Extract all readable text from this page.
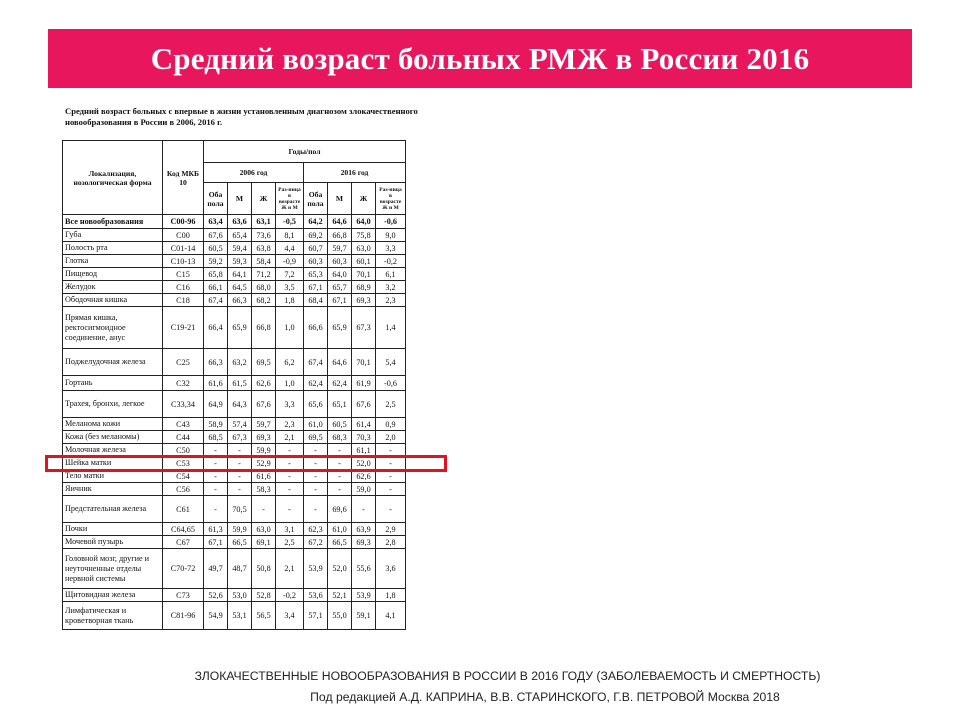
Средний возраст больных РМЖ в России 2016
Средний возраст больных с впервые в жизни установленным диагнозом злокачественного новообразования в России в 2006, 2016 г.
Локализация, нозологическая форма	Код МКБ 10	Годы/пол							
		2006 год				2016 год			
		Оба пола	М	Ж	Раз-ница в возрасте Ж и М	Оба пола	М	Ж	Раз-ница в возрасте Ж и М
Все новообразования	C00-96	63,4	63,6	63,1	-0,5	64,2	64,6	64,0	-0,6
Губа	C00	67,6	65,4	73,6	8,1	69,2	66,8	75,8	9,0
Полость рта	C01-14	60,5	59,4	63,8	4,4	60,7	59,7	63,0	3,3
Глотка	C10-13	59,2	59,3	58,4	-0,9	60,3	60,3	60,1	-0,2
Пищевод	C15	65,8	64,1	71,2	7,2	65,3	64,0	70,1	6,1
Желудок	C16	66,1	64,5	68,0	3,5	67,1	65,7	68,9	3,2
Ободочная кишка	C18	67,4	66,3	68,2	1,8	68,4	67,1	69,3	2,3
Прямая кишка, ректосигмоидное соединение, анус	C19-21	66,4	65,9	66,8	1,0	66,6	65,9	67,3	1,4
Поджелудочная железа	C25	66,3	63,2	69,5	6,2	67,4	64,6	70,1	5,4
Гортань	C32	61,6	61,5	62,6	1,0	62,4	62,4	61,9	-0,6
Трахея, бронхи, легкое	C33,34	64,9	64,3	67,6	3,3	65,6	65,1	67,6	2,5
Меланома кожи	C43	58,9	57,4	59,7	2,3	61,0	60,5	61,4	0,9
Кожа (без меланомы)	C44	68,5	67,3	69,3	2,1	69,5	68,3	70,3	2,0
Молочная железа	C50	-	-	59,9	-	-	-	61,1	-
Шейка матки	C53	-	-	52,9	-	-	-	52,0	-
Тело матки	C54	-	-	61,6	-	-	-	62,6	-
Яичник	C56	-	-	58,3	-	-	-	59,0	-
Предстательная железа	C61	-	70,5	-	-	-	69,6	-	-
Почки	C64,65	61,3	59,9	63,0	3,1	62,3	61,0	63,9	2,9
Мочевой пузырь	C67	67,1	66,5	69,1	2,5	67,2	66,5	69,3	2,8
Головной мозг, другие и неуточненные отделы нервной системы	C70-72	49,7	48,7	50,8	2,1	53,9	52,0	55,6	3,6
Щитовидная железа	C73	52,6	53,0	52,8	-0,2	53,6	52,1	53,9	1,8
Лимфатическая и кроветворная ткань	C81-96	54,9	53,1	56,5	3,4	57,1	55,0	59,1	4,1
ЗЛОКАЧЕСТВЕННЫЕ НОВООБРАЗОВАНИЯ В РОССИИ В 2016 ГОДУ (ЗАБОЛЕВАЕМОСТЬ И СМЕРТНОСТЬ)
Под редакцией А.Д. КАПРИНА, В.В. СТАРИНСКОГО, Г.В. ПЕТРОВОЙ Москва 2018
